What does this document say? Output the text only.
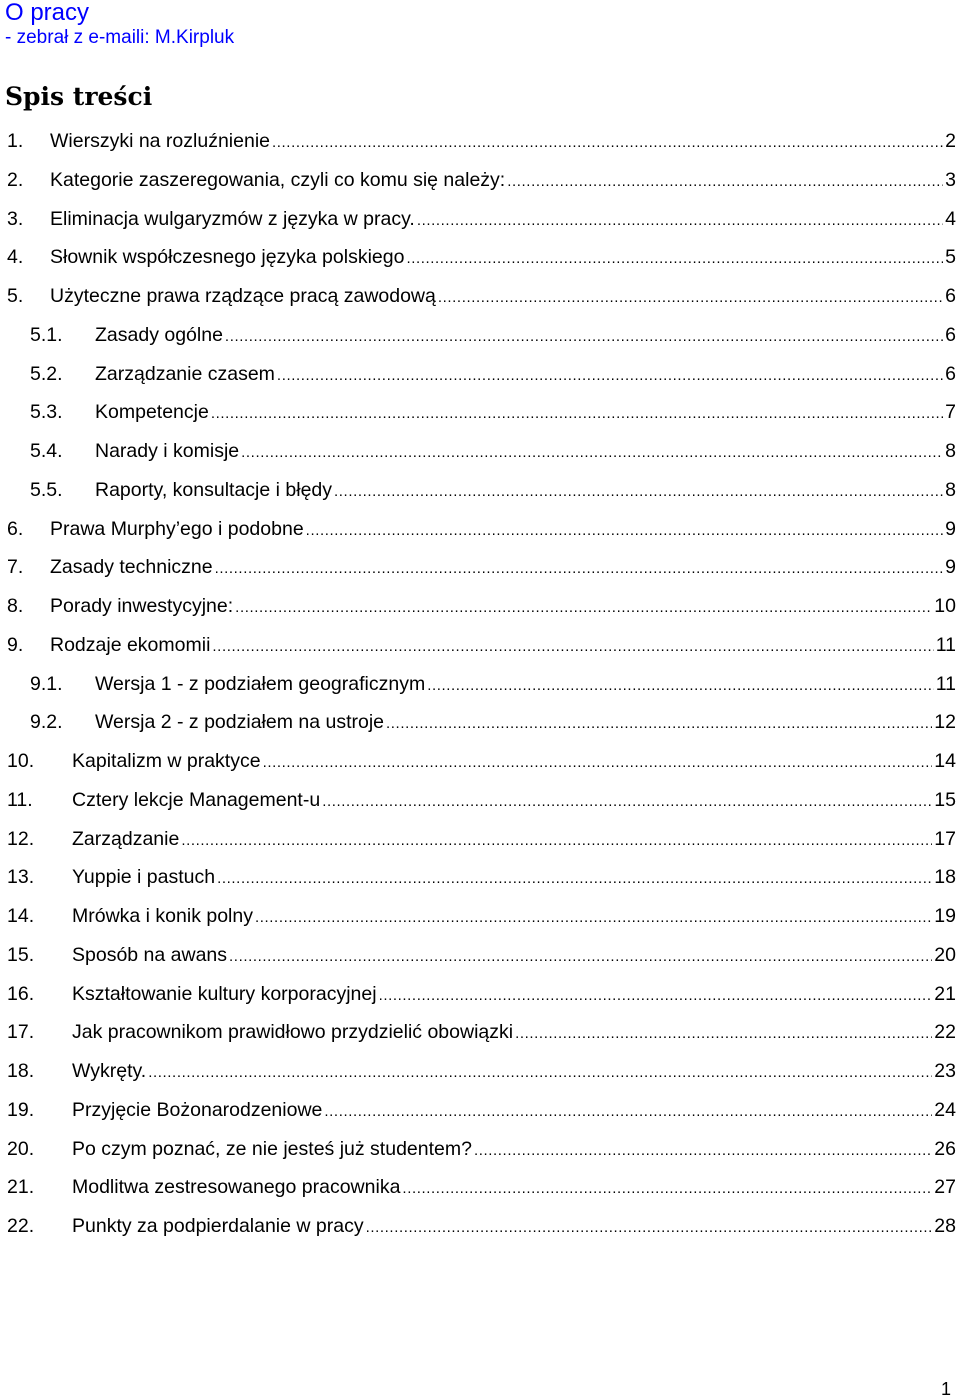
O pracy
- zebrał z e-maili: M.Kirpluk
Spis treści
1.	Wierszyki na rozluźnienie .....	2
2.	Kategorie zaszeregowania, czyli co komu się należy: .....	3
3.	Eliminacja wulgaryzmów z języka w pracy. .....	4
4.	Słownik współczesnego języka polskiego .....	5
5.	Użyteczne prawa rządzące pracą zawodową .....	6
5.1.	Zasady ogólne .....	6
5.2.	Zarządzanie czasem .....	6
5.3.	Kompetencje .....	7
5.4.	Narady i komisje .....	8
5.5.	Raporty, konsultacje i błędy .....	8
6.	Prawa Murphy’ego i podobne .....	9
7.	Zasady techniczne .....	9
8.	Porady inwestycyjne: .....	10
9.	Rodzaje ekomomii .....	11
9.1.	Wersja 1 - z podziałem geograficznym .....	11
9.2.	Wersja 2 - z podziałem na ustroje .....	12
10.	Kapitalizm w praktyce .....	14
11.	Cztery lekcje Management-u .....	15
12.	Zarządzanie .....	17
13.	Yuppie i pastuch .....	18
14.	Mrówka i konik polny .....	19
15.	Sposób na awans .....	20
16.	Kształtowanie kultury korporacyjnej .....	21
17.	Jak pracownikom prawidłowo przydzielić obowiązki .....	22
18.	Wykręty. .....	23
19.	Przyjęcie Bożonarodzeniowe .....	24
20.	Po czym poznać, ze nie jesteś już studentem? .....	26
21.	Modlitwa zestresowanego pracownika .....	27
22.	Punkty za podpierdalanie w pracy .....	28
1
